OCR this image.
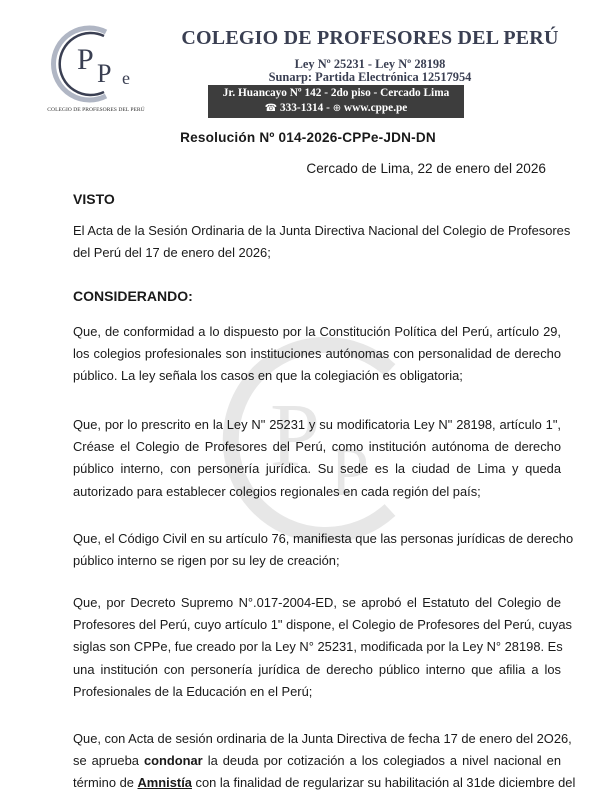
P P
P P e
COLEGIO DE PROFESORES DEL PERÚ
COLEGIO DE PROFESORES DEL PERÚ
Ley Nº 25231 - Ley Nº 28198
Sunarp: Partida Electrónica 12517954
Jr. Huancayo Nº 142 - 2do piso - Cercado Lima
☎ 333-1314 - ⊕ www.cppe.pe
Resolución Nº 014-2026-CPPe-JDN-DN
Cercado de Lima, 22 de enero del 2026
VISTO
El Acta de la Sesión Ordinaria de la Junta Directiva Nacional del Colegio de Profesores
del Perú del 17 de enero del 2026;
CONSIDERANDO:
Que, de conformidad a lo dispuesto por la Constitución Política del Perú, artículo 29,
los colegios profesionales son instituciones autónomas con personalidad de derecho
público. La ley señala los casos en que la colegiación es obligatoria;
Que, por lo prescrito en la Ley N" 25231 y su modificatoria Ley N" 28198, artículo 1",
Créase el Colegio de Profesores del Perú, como institución autónoma de derecho
público interno, con personería jurídica. Su sede es la ciudad de Lima y queda
autorizado para establecer colegios regionales en cada región del país;
Que, el Código Civil en su artículo 76, manifiesta que las personas jurídicas de derecho
público interno se rigen por su ley de creación;
Que, por Decreto Supremo N°.017-2004-ED, se aprobó el Estatuto del Colegio de
Profesores del Perú, cuyo artículo 1" dispone, el Colegio de Profesores del Perú, cuyas
siglas son CPPe, fue creado por la Ley N° 25231, modificada por la Ley N° 28198. Es
una institución con personería jurídica de derecho público interno que afilia a los
Profesionales de la Educación en el Perú;
Que, con Acta de sesión ordinaria de la Junta Directiva de fecha 17 de enero del 2O26,
se aprueba condonar la deuda por cotización a los colegiados a nivel nacional en
término de Amnistía con la finalidad de regularizar su habilitación al 31de diciembre del
